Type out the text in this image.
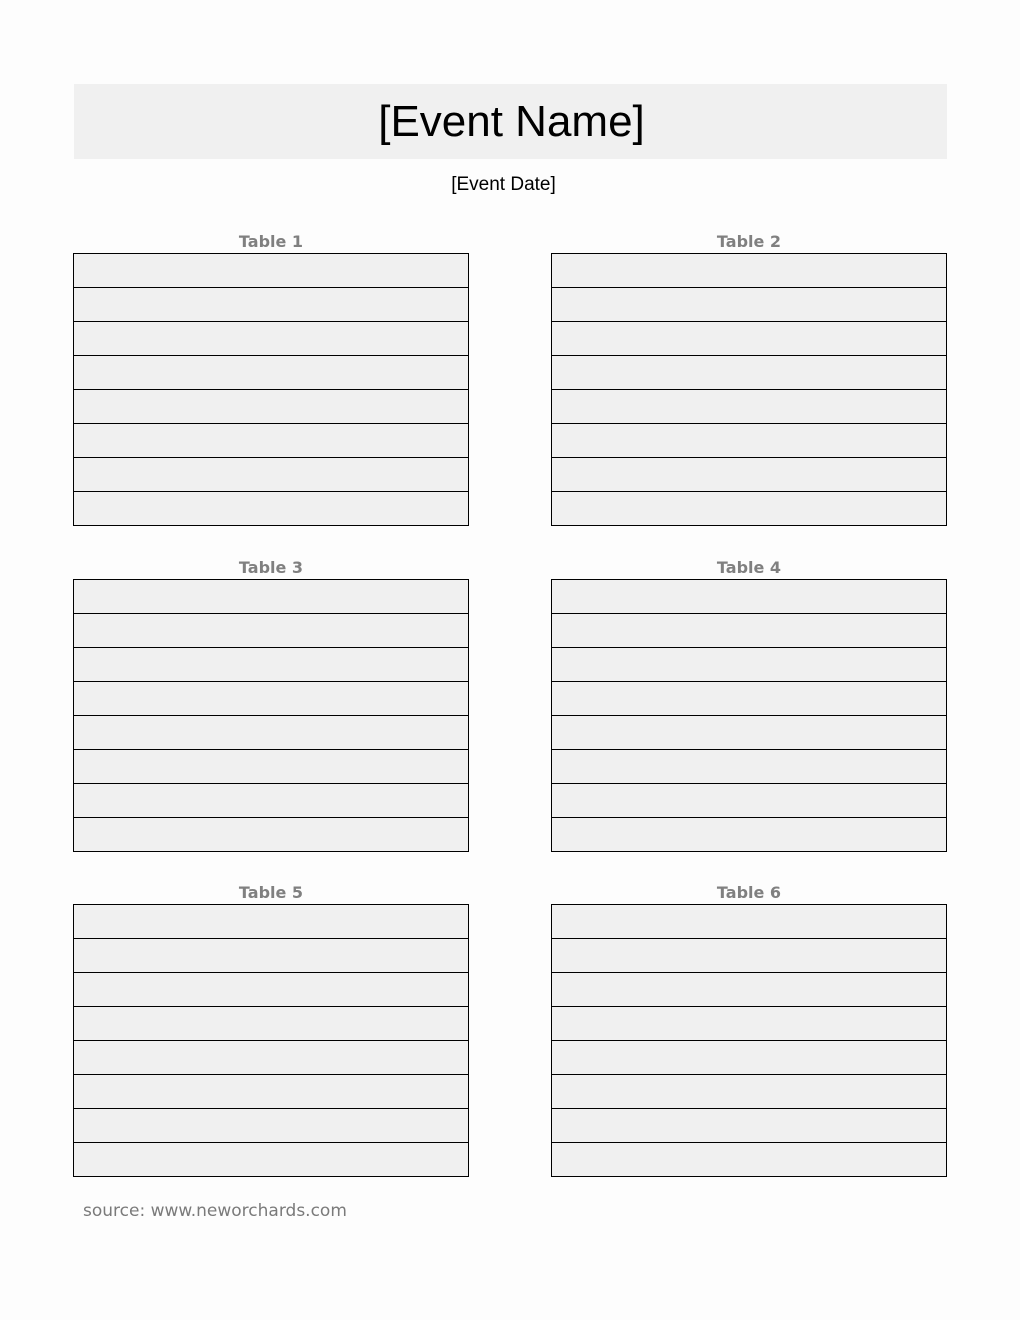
[Event Name]
[Event Date]
Table 1	Table 2
Table 3	Table 4
Table 5	Table 6
source: www.neworchards.com
